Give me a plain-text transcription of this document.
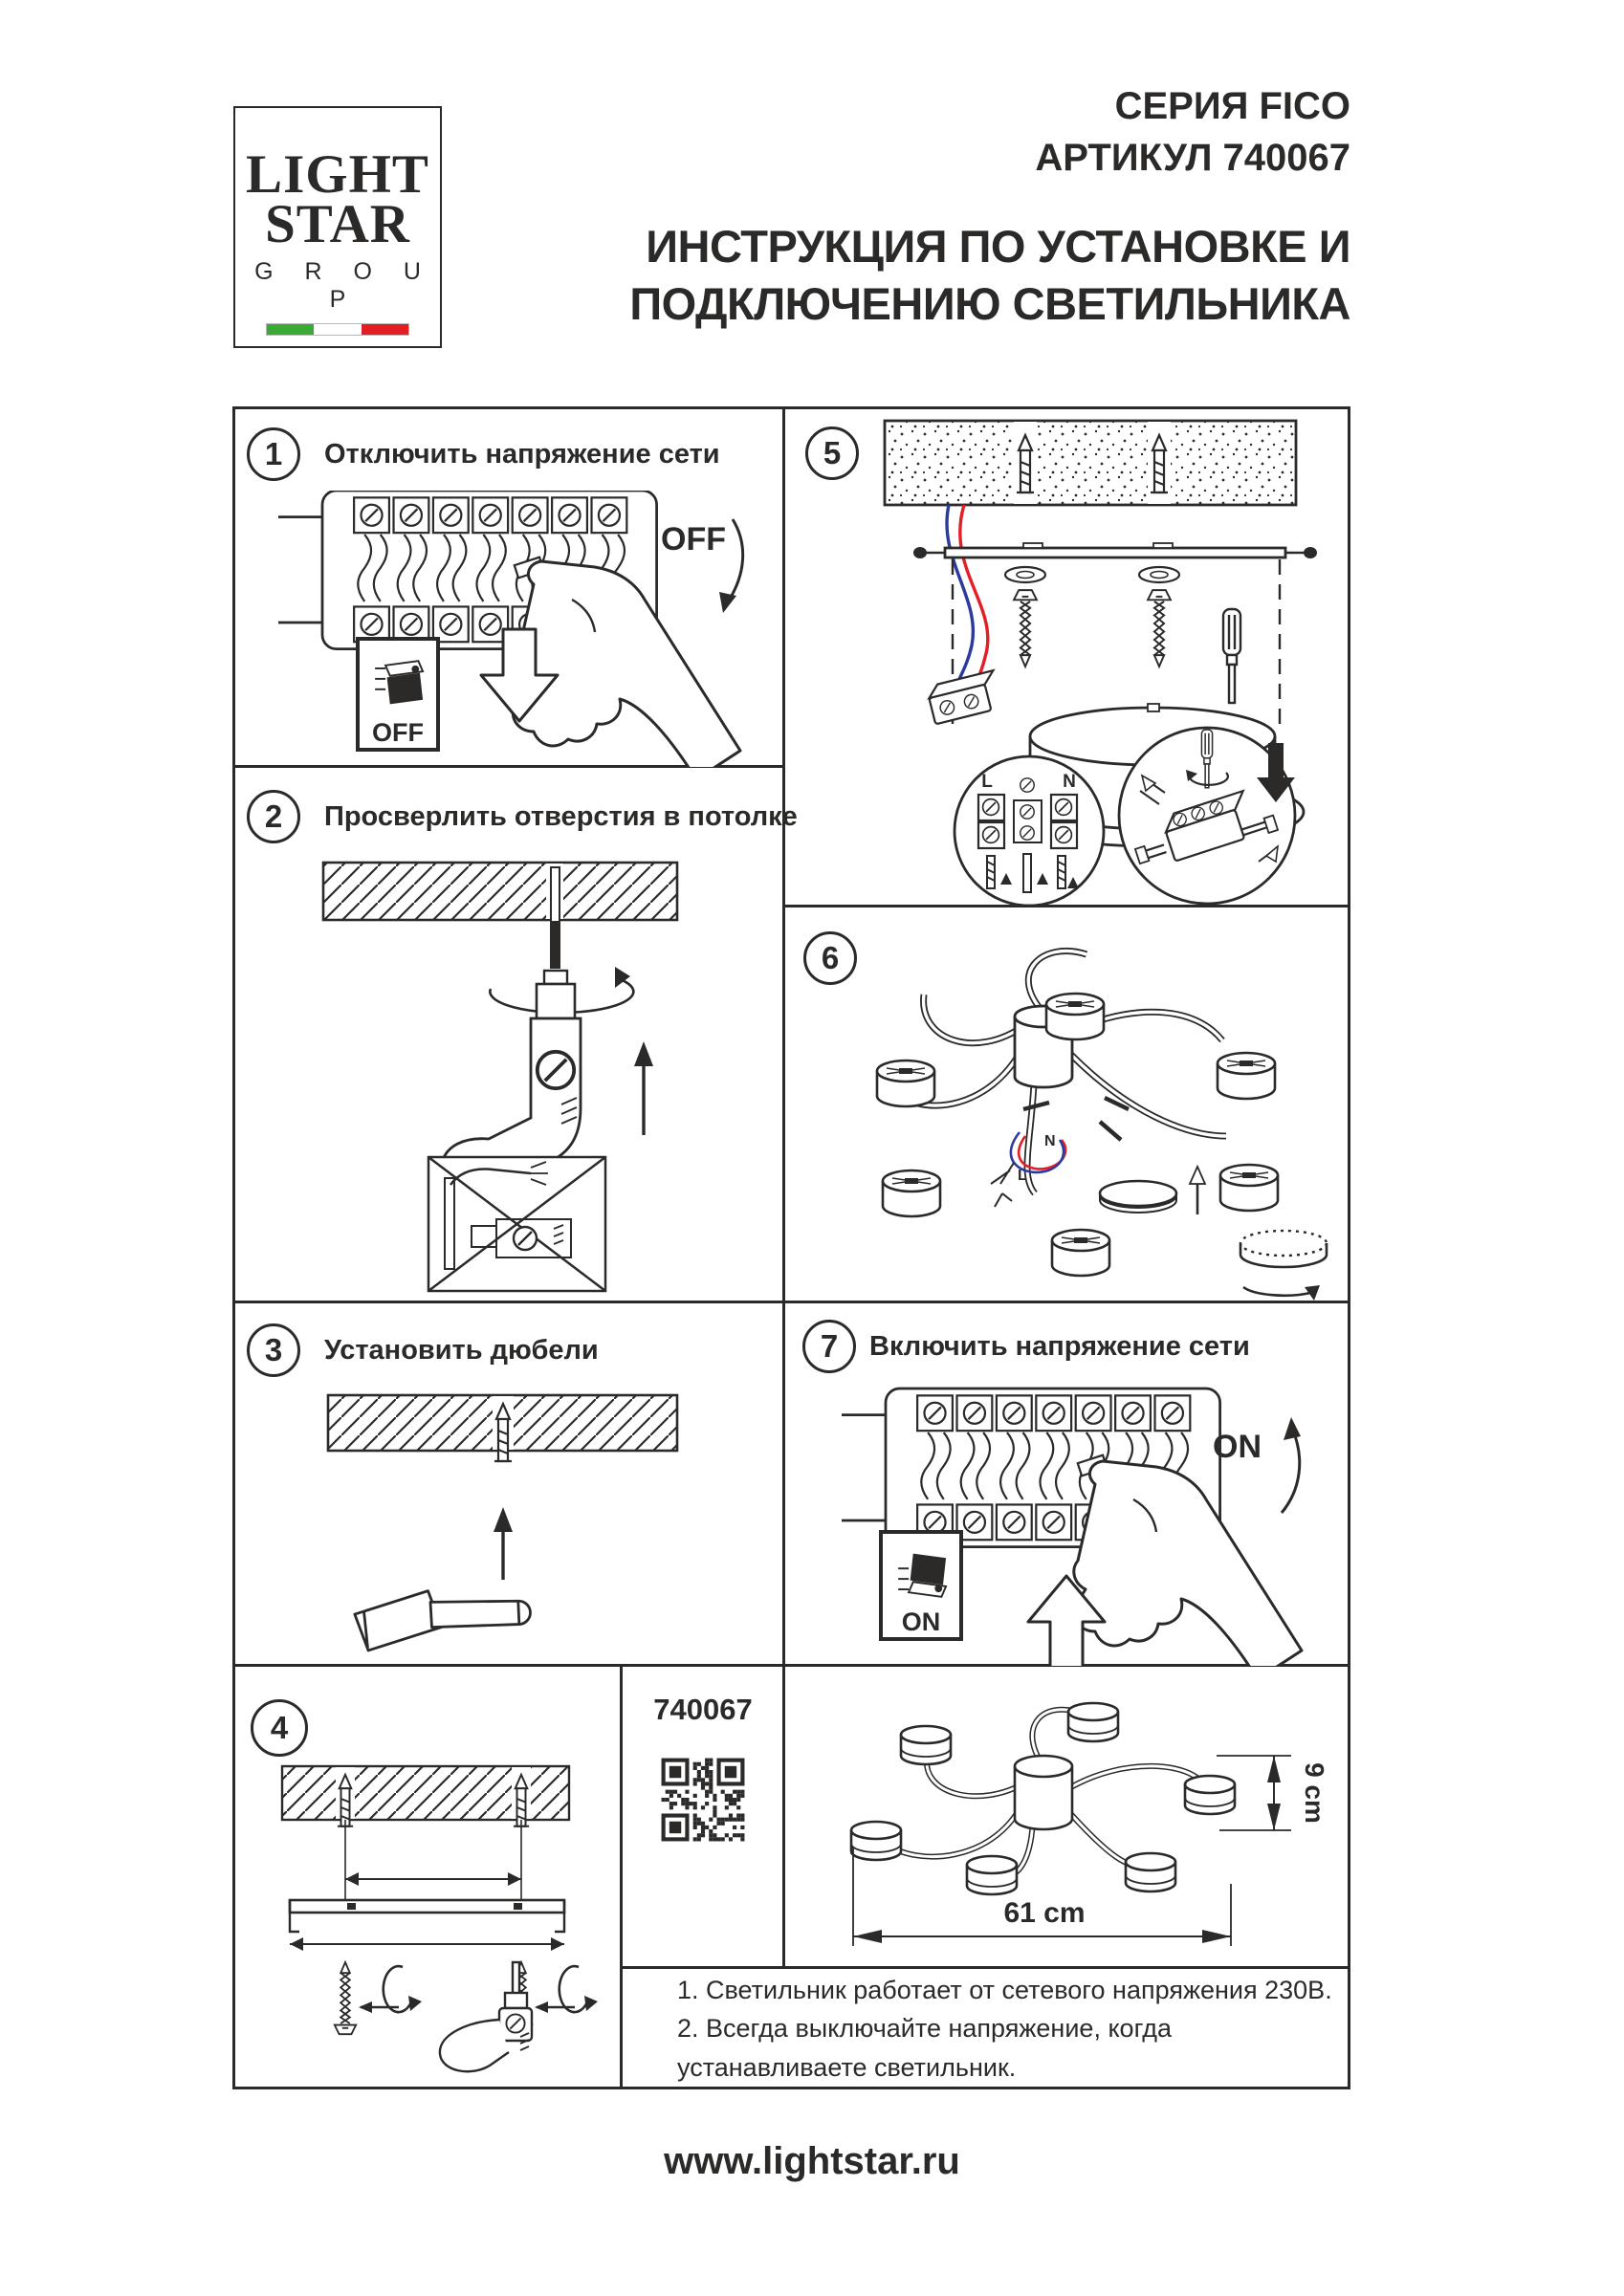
LIGHT
STAR
G R O U P
СЕРИЯ FICO
АРТИКУЛ 740067
ИНСТРУКЦИЯ ПО УСТАНОВКЕ И
ПОДКЛЮЧЕНИЮ СВЕТИЛЬНИКА
1	Отключить напряжение сети
OFF
OFF
2	Просверлить отверстия в потолке
3	Установить дюбели
4
5
L	N
6
N
L
7	Включить напряжение сети
ON
ON
740067
61 cm
9 cm
1. Светильник работает от сетевого напряжения 230В.
2. Всегда выключайте напряжение, когда устанавливаете светильник.
www.lightstar.ru
